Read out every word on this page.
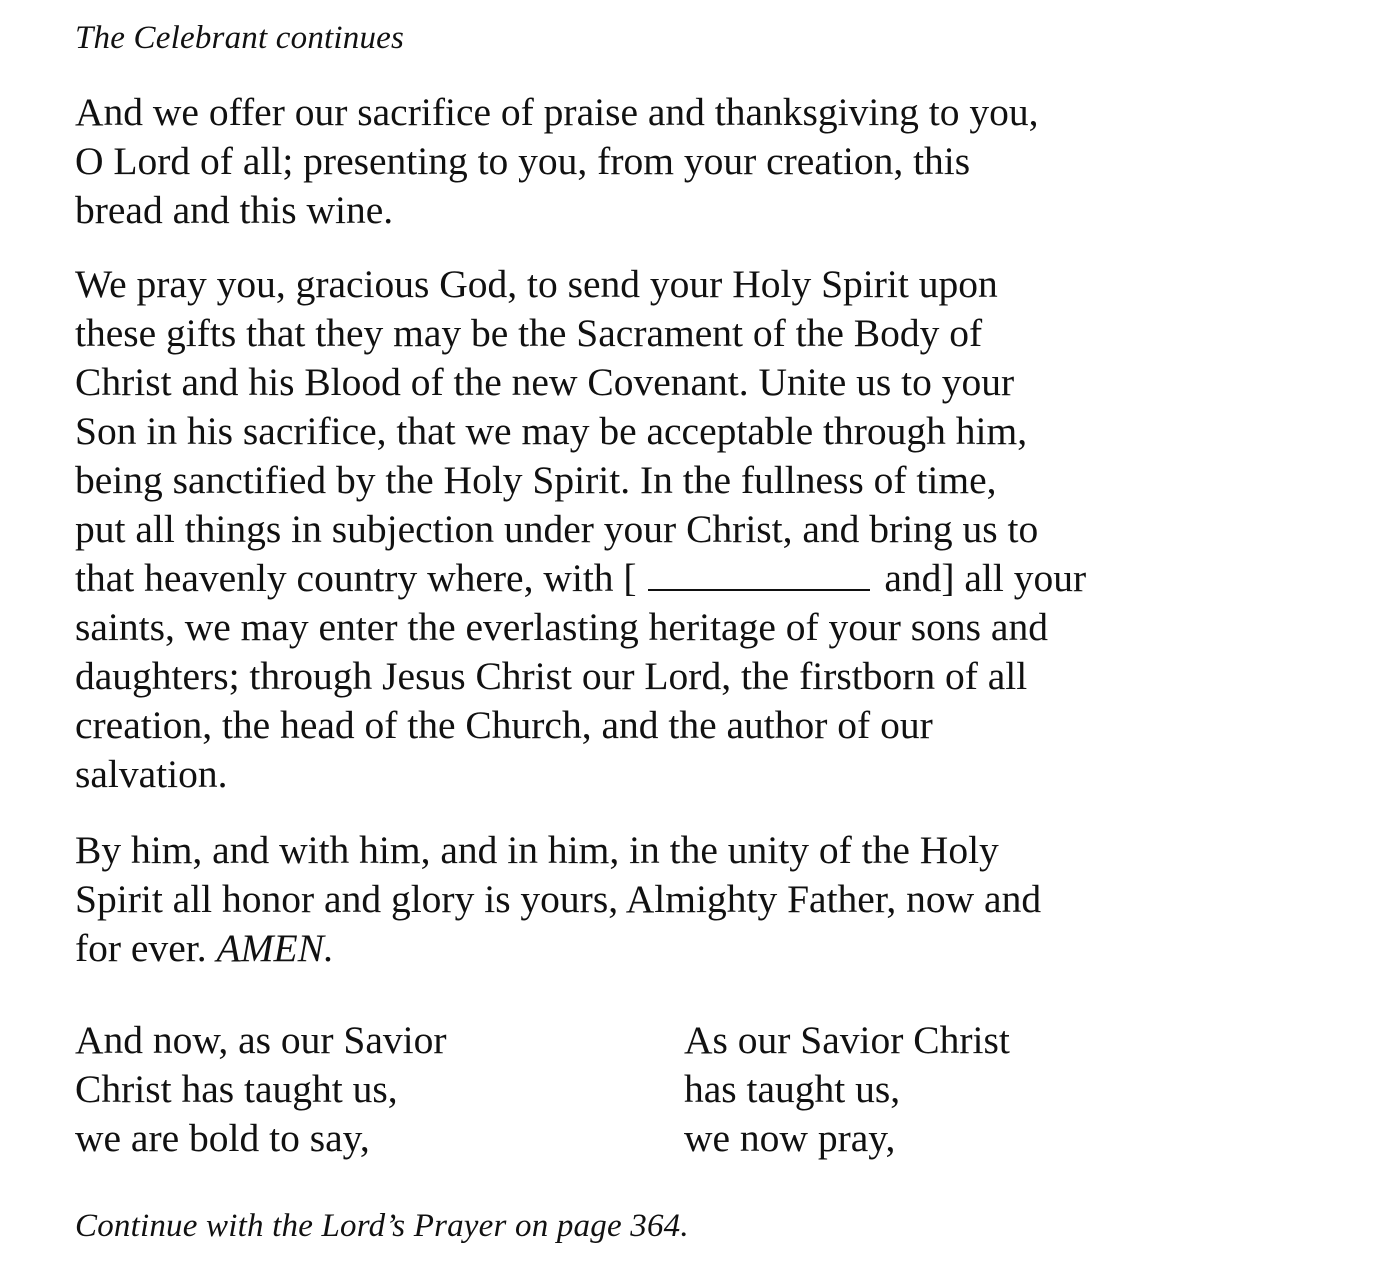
The Celebrant continues

And we offer our sacrifice of praise and thanksgiving to you,
O Lord of all; presenting to you, from your creation, this
bread and this wine.

We pray you, gracious God, to send your Holy Spirit upon
these gifts that they may be the Sacrament of the Body of
Christ and his Blood of the new Covenant. Unite us to your
Son in his sacrifice, that we may be acceptable through him,
being sanctified by the Holy Spirit. In the fullness of time,
put all things in subjection under your Christ, and bring us to
that heavenly country where, with [	and] all your
saints, we may enter the everlasting heritage of your sons and
daughters; through Jesus Christ our Lord, the firstborn of all
creation, the head of the Church, and the author of our
salvation.

By him, and with him, and in him, in the unity of the Holy
Spirit all honor and glory is yours, Almighty Father, now and
for ever. AMEN.

And now, as our Savior
Christ has taught us,
we are bold to say,

As our Savior Christ
has taught us,
we now pray,

Continue with the Lord’s Prayer on page 364.
